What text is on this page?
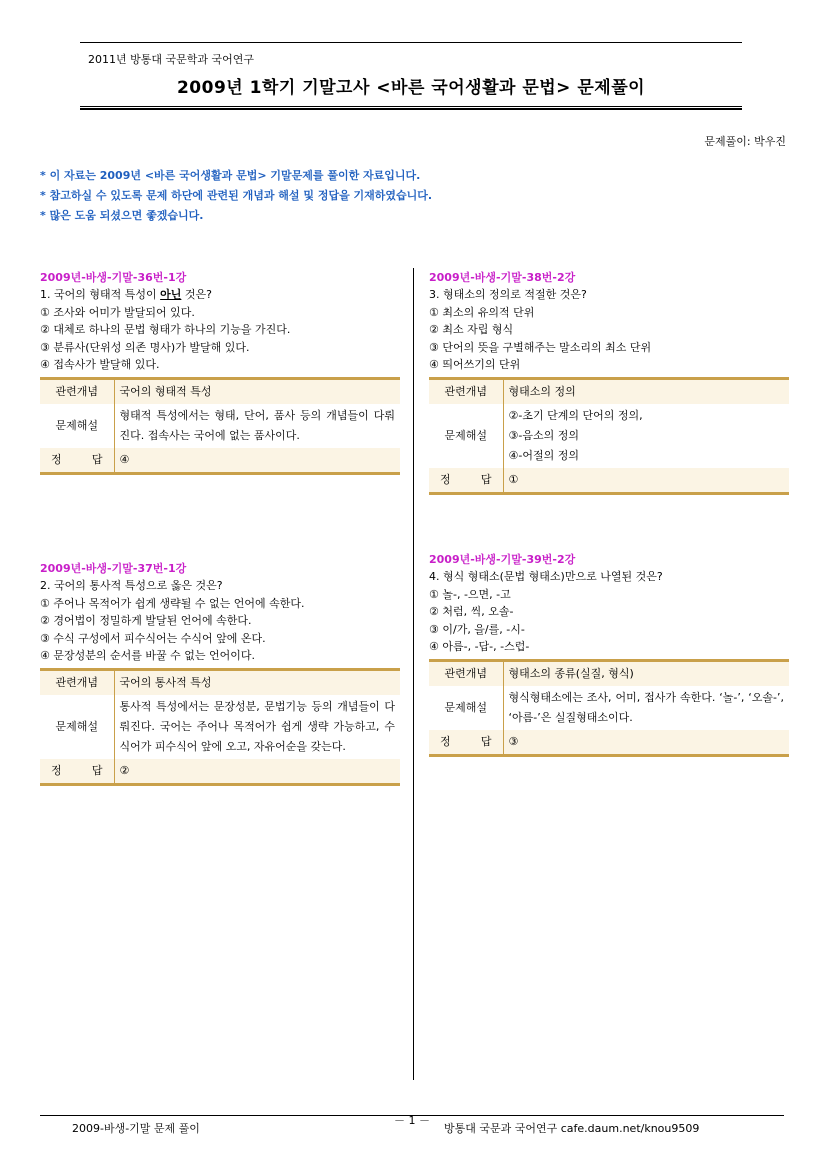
2011년 방통대 국문학과 국어연구
2009년 1학기 기말고사 <바른 국어생활과 문법> 문제풀이
문제풀이: 박우진
* 이 자료는 2009년 <바른 국어생활과 문법> 기말문제를 풀이한 자료입니다.
* 참고하실 수 있도록 문제 하단에 관련된 개념과 해설 및 정답을 기재하였습니다.
* 많은 도움 되셨으면 좋겠습니다.
2009년-바생-기말-36번-1강
1. 국어의 형태적 특성이 아닌 것은?
① 조사와 어미가 발달되어 있다.
② 대체로 하나의 문법 형태가 하나의 기능을 가진다.
③ 분류사(단위성 의존 명사)가 발달해 있다.
④ 접속사가 발달해 있다.
관련개념	국어의 형태적 특성
문제해설	형태적 특성에서는 형태, 단어, 품사 등의 개념들이 다뤄진다. 접속사는 국어에 없는 품사이다.

정 답	④
2009년-바생-기말-37번-1강
2. 국어의 통사적 특성으로 옳은 것은?
① 주어나 목적어가 쉽게 생략될 수 없는 언어에 속한다.
② 경어법이 정밀하게 발달된 언어에 속한다.
③ 수식 구성에서 피수식어는 수식어 앞에 온다.
④ 문장성분의 순서를 바꿀 수 없는 언어이다.
관련개념	국어의 통사적 특성
문제해설	통사적 특성에서는 문장성분, 문법기능 등의 개념들이 다뤄진다. 국어는 주어나 목적어가 쉽게 생략 가능하고, 수식어가 피수식어 앞에 오고, 자유어순을 갖는다.

정 답	②
2009년-바생-기말-38번-2강
3. 형태소의 정의로 적절한 것은?
① 최소의 유의적 단위
② 최소 자립 형식
③ 단어의 뜻을 구별해주는 말소리의 최소 단위
④ 띄어쓰기의 단위
관련개념	형태소의 정의
문제해설	②-초기 단계의 단어의 정의,
③-음소의 정의
④-어절의 정의

정 답	①
2009년-바생-기말-39번-2강
4. 형식 형태소(문법 형태소)만으로 나열된 것은?
① 놀-, -으면, -고
② 처럼, 씩, 오솔-
③ 이/가, 을/를, -시-
④ 아름-, -답-, -스럽-
관련개념	형태소의 종류(실질, 형식)
문제해설	형식형태소에는 조사, 어미, 접사가 속한다. ‘놀-’, ‘오솔-’, ‘아름-’은 실질형태소이다.

정 답	③
2009-바생-기말 문제 풀이
－ 1 －
방통대 국문과 국어연구 cafe.daum.net/knou9509
